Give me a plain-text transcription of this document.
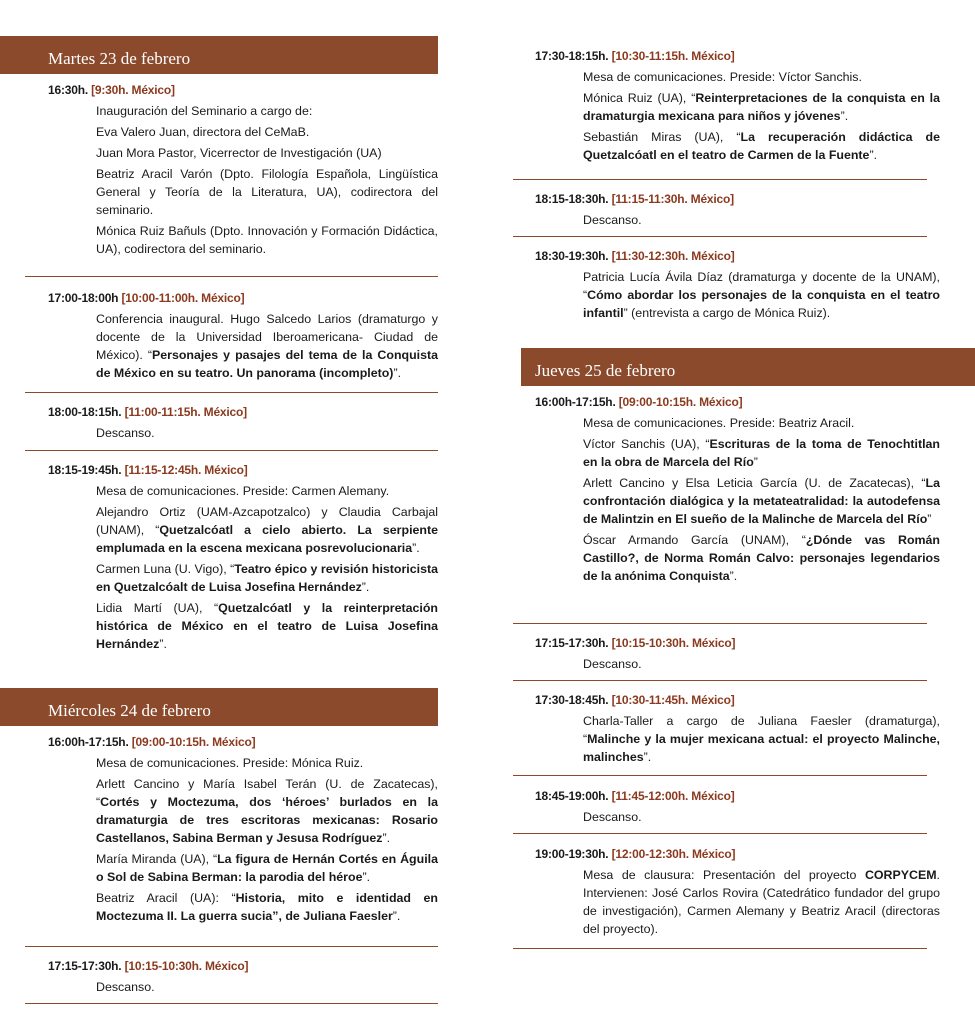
Martes 23 de febrero
16:30h. [9:30h. México]
Inauguración del Seminario a cargo de:
Eva Valero Juan, directora del CeMaB.
Juan Mora Pastor, Vicerrector de Investigación (UA)
Beatriz Aracil Varón (Dpto. Filología Española, Lingüística General y Teoría de la Literatura, UA), codirectora del seminario.
Mónica Ruiz Bañuls (Dpto. Innovación y Formación Didáctica, UA), codirectora del seminario.
17:00-18:00h [10:00-11:00h. México]
Conferencia inaugural. Hugo Salcedo Larios (dramaturgo y docente de la Universidad Iberoamericana- Ciudad de México). “Personajes y pasajes del tema de la Conquista de México en su teatro. Un panorama (incompleto)”.
18:00-18:15h. [11:00-11:15h. México]
Descanso.
18:15-19:45h. [11:15-12:45h. México]
Mesa de comunicaciones. Preside: Carmen Alemany.
Alejandro Ortiz (UAM-Azcapotzalco) y Claudia Carbajal (UNAM), “Quetzalcóatl a cielo abierto. La serpiente emplumada en la escena mexicana posrevolucionaria”.
Carmen Luna (U. Vigo), “Teatro épico y revisión historicista en Quetzalcóalt de Luisa Josefina Hernández”.
Lidia Martí (UA), “Quetzalcóatl y la reinterpretación histórica de México en el teatro de Luisa Josefina Hernández”.
Miércoles 24 de febrero
16:00h-17:15h. [09:00-10:15h. México]
Mesa de comunicaciones. Preside: Mónica Ruiz.
Arlett Cancino y María Isabel Terán (U. de Zacatecas), “Cortés y Moctezuma, dos ‘héroes’ burlados en la dramaturgia de tres escritoras mexicanas: Rosario Castellanos, Sabina Berman y Jesusa Rodríguez”.
María Miranda (UA), “La figura de Hernán Cortés en Águila o Sol de Sabina Berman: la parodia del héroe”.
Beatriz Aracil (UA): “Historia, mito e identidad en Moctezuma II. La guerra sucia”, de Juliana Faesler”.
17:15-17:30h. [10:15-10:30h. México]
Descanso.
17:30-18:15h. [10:30-11:15h. México]
Mesa de comunicaciones. Preside: Víctor Sanchis.
Mónica Ruiz (UA), “Reinterpretaciones de la conquista en la dramaturgia mexicana para niños y jóvenes”.
Sebastián Miras (UA), “La recuperación didáctica de Quetzalcóatl en el teatro de Carmen de la Fuente”.
18:15-18:30h. [11:15-11:30h. México]
Descanso.
18:30-19:30h. [11:30-12:30h. México]
Patricia Lucía Ávila Díaz (dramaturga y docente de la UNAM), “Cómo abordar los personajes de la conquista en el teatro infantil” (entrevista a cargo de Mónica Ruiz).
Jueves 25 de febrero
16:00h-17:15h. [09:00-10:15h. México]
Mesa de comunicaciones. Preside: Beatriz Aracil.
Víctor Sanchis (UA), “Escrituras de la toma de Tenochtitlan en la obra de Marcela del Río”
Arlett Cancino y Elsa Leticia García (U. de Zacatecas), “La confrontación dialógica y la metateatralidad: la autodefensa de Malintzin en El sueño de la Malinche de Marcela del Río”
Óscar Armando García (UNAM), “¿Dónde vas Román Castillo?, de Norma Román Calvo: personajes legendarios de la anónima Conquista”.
17:15-17:30h. [10:15-10:30h. México]
Descanso.
17:30-18:45h. [10:30-11:45h. México]
Charla-Taller a cargo de Juliana Faesler (dramaturga), “Malinche y la mujer mexicana actual: el proyecto Malinche, malinches”.
18:45-19:00h. [11:45-12:00h. México]
Descanso.
19:00-19:30h. [12:00-12:30h. México]
Mesa de clausura: Presentación del proyecto CORPYCEM. Intervienen: José Carlos Rovira (Catedrático fundador del grupo de investigación), Carmen Alemany y Beatriz Aracil (directoras del proyecto).
